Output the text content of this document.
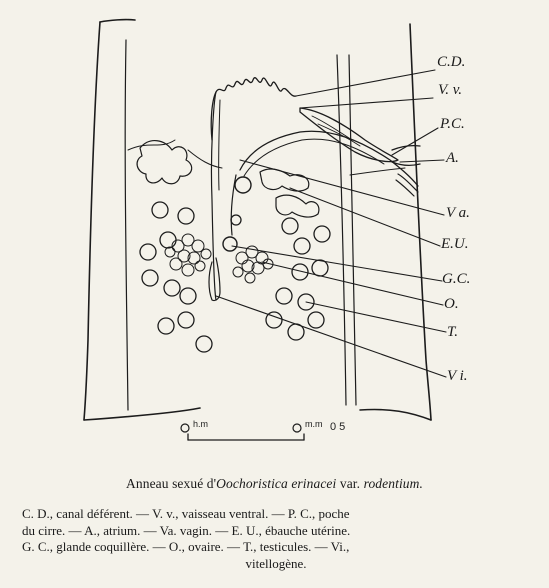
C.D.
V. v.
P.C.
A.
V a.
E.U.
G.C.
O.
T.
V i.
h.m	m.m 0 5
Anneau sexué d'Oochoristica erinacei var. rodentium.
C. D., canal déférent. — V. v., vaisseau ventral. — P. C., poche
du cirre. — A., atrium. — Va. vagin. — E. U., ébauche utérine.
G. C., glande coquillère. — O., ovaire. — T., testicules. — Vi.,
vitellogène.
